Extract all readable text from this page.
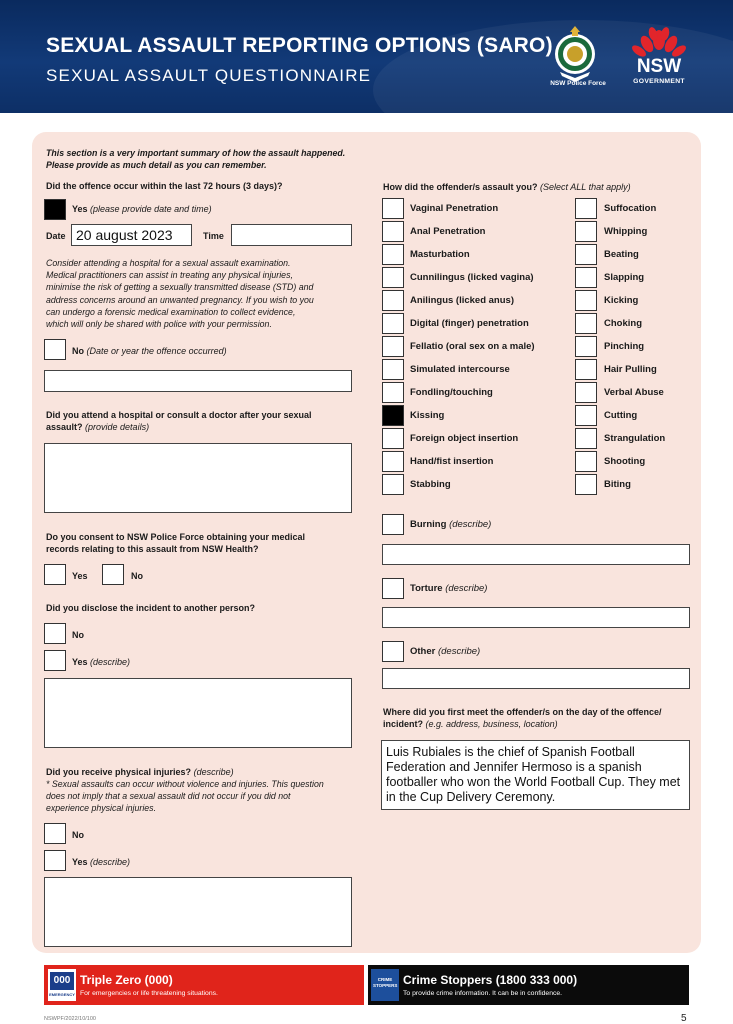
SEXUAL ASSAULT REPORTING OPTIONS (SARO)
SEXUAL ASSAULT QUESTIONNAIRE	NSW Police Force
NSW
GOVERNMENT
This section is a very important summary of how the assault happened. Please provide as much detail as you can remember.
Did the offence occur within the last 72 hours (3 days)?
Yes (please provide date and time)
Date 20 august 2023	Time
Consider attending a hospital for a sexual assault examination.
Medical practitioners can assist in treating any physical injuries,
minimise the risk of getting a sexually transmitted disease (STD) and
address concerns around an unwanted pregnancy. If you wish to you
can undergo a forensic medical examination to collect evidence,
which will only be shared with police with your permission.
No (Date or year the offence occurred)
Did you attend a hospital or consult a doctor after your sexual
assault? (provide details)
Do you consent to NSW Police Force obtaining your medical
records relating to this assault from NSW Health?
Yes	No
Did you disclose the incident to another person?
No
Yes (describe)
Did you receive physical injuries? (describe)
* Sexual assaults can occur without violence and injuries. This question
does not imply that a sexual assault did not occur if you did not
experience physical injuries.
No
Yes (describe)
How did the offender/s assault you? (Select ALL that apply)
Vaginal Penetration
Anal Penetration
Masturbation
Cunnilingus (licked vagina)
Anilingus (licked anus)
Digital (finger) penetration
Fellatio (oral sex on a male)
Simulated intercourse
Fondling/touching
Kissing
Foreign object insertion
Hand/fist insertion
Stabbing
Suffocation
Whipping
Beating
Slapping
Kicking
Choking
Pinching
Hair Pulling
Verbal Abuse
Cutting
Strangulation
Shooting
Biting
Burning (describe)
Torture (describe)
Other (describe)
Where did you first meet the offender/s on the day of the offence/
incident? (e.g. address, business, location)
Luis Rubiales is the chief of Spanish Football
Federation and Jennifer Hermoso is a spanish
footballer who won the World Football Cup. They met
in the Cup Delivery Ceremony.
000
EMERGENCY
Triple Zero (000)
For emergencies or life threatening situations.
CRIME STOPPERS Crime Stoppers (1800 333 000)
To provide crime information. It can be in confidence.
NSWPF/2022/10/100	5
